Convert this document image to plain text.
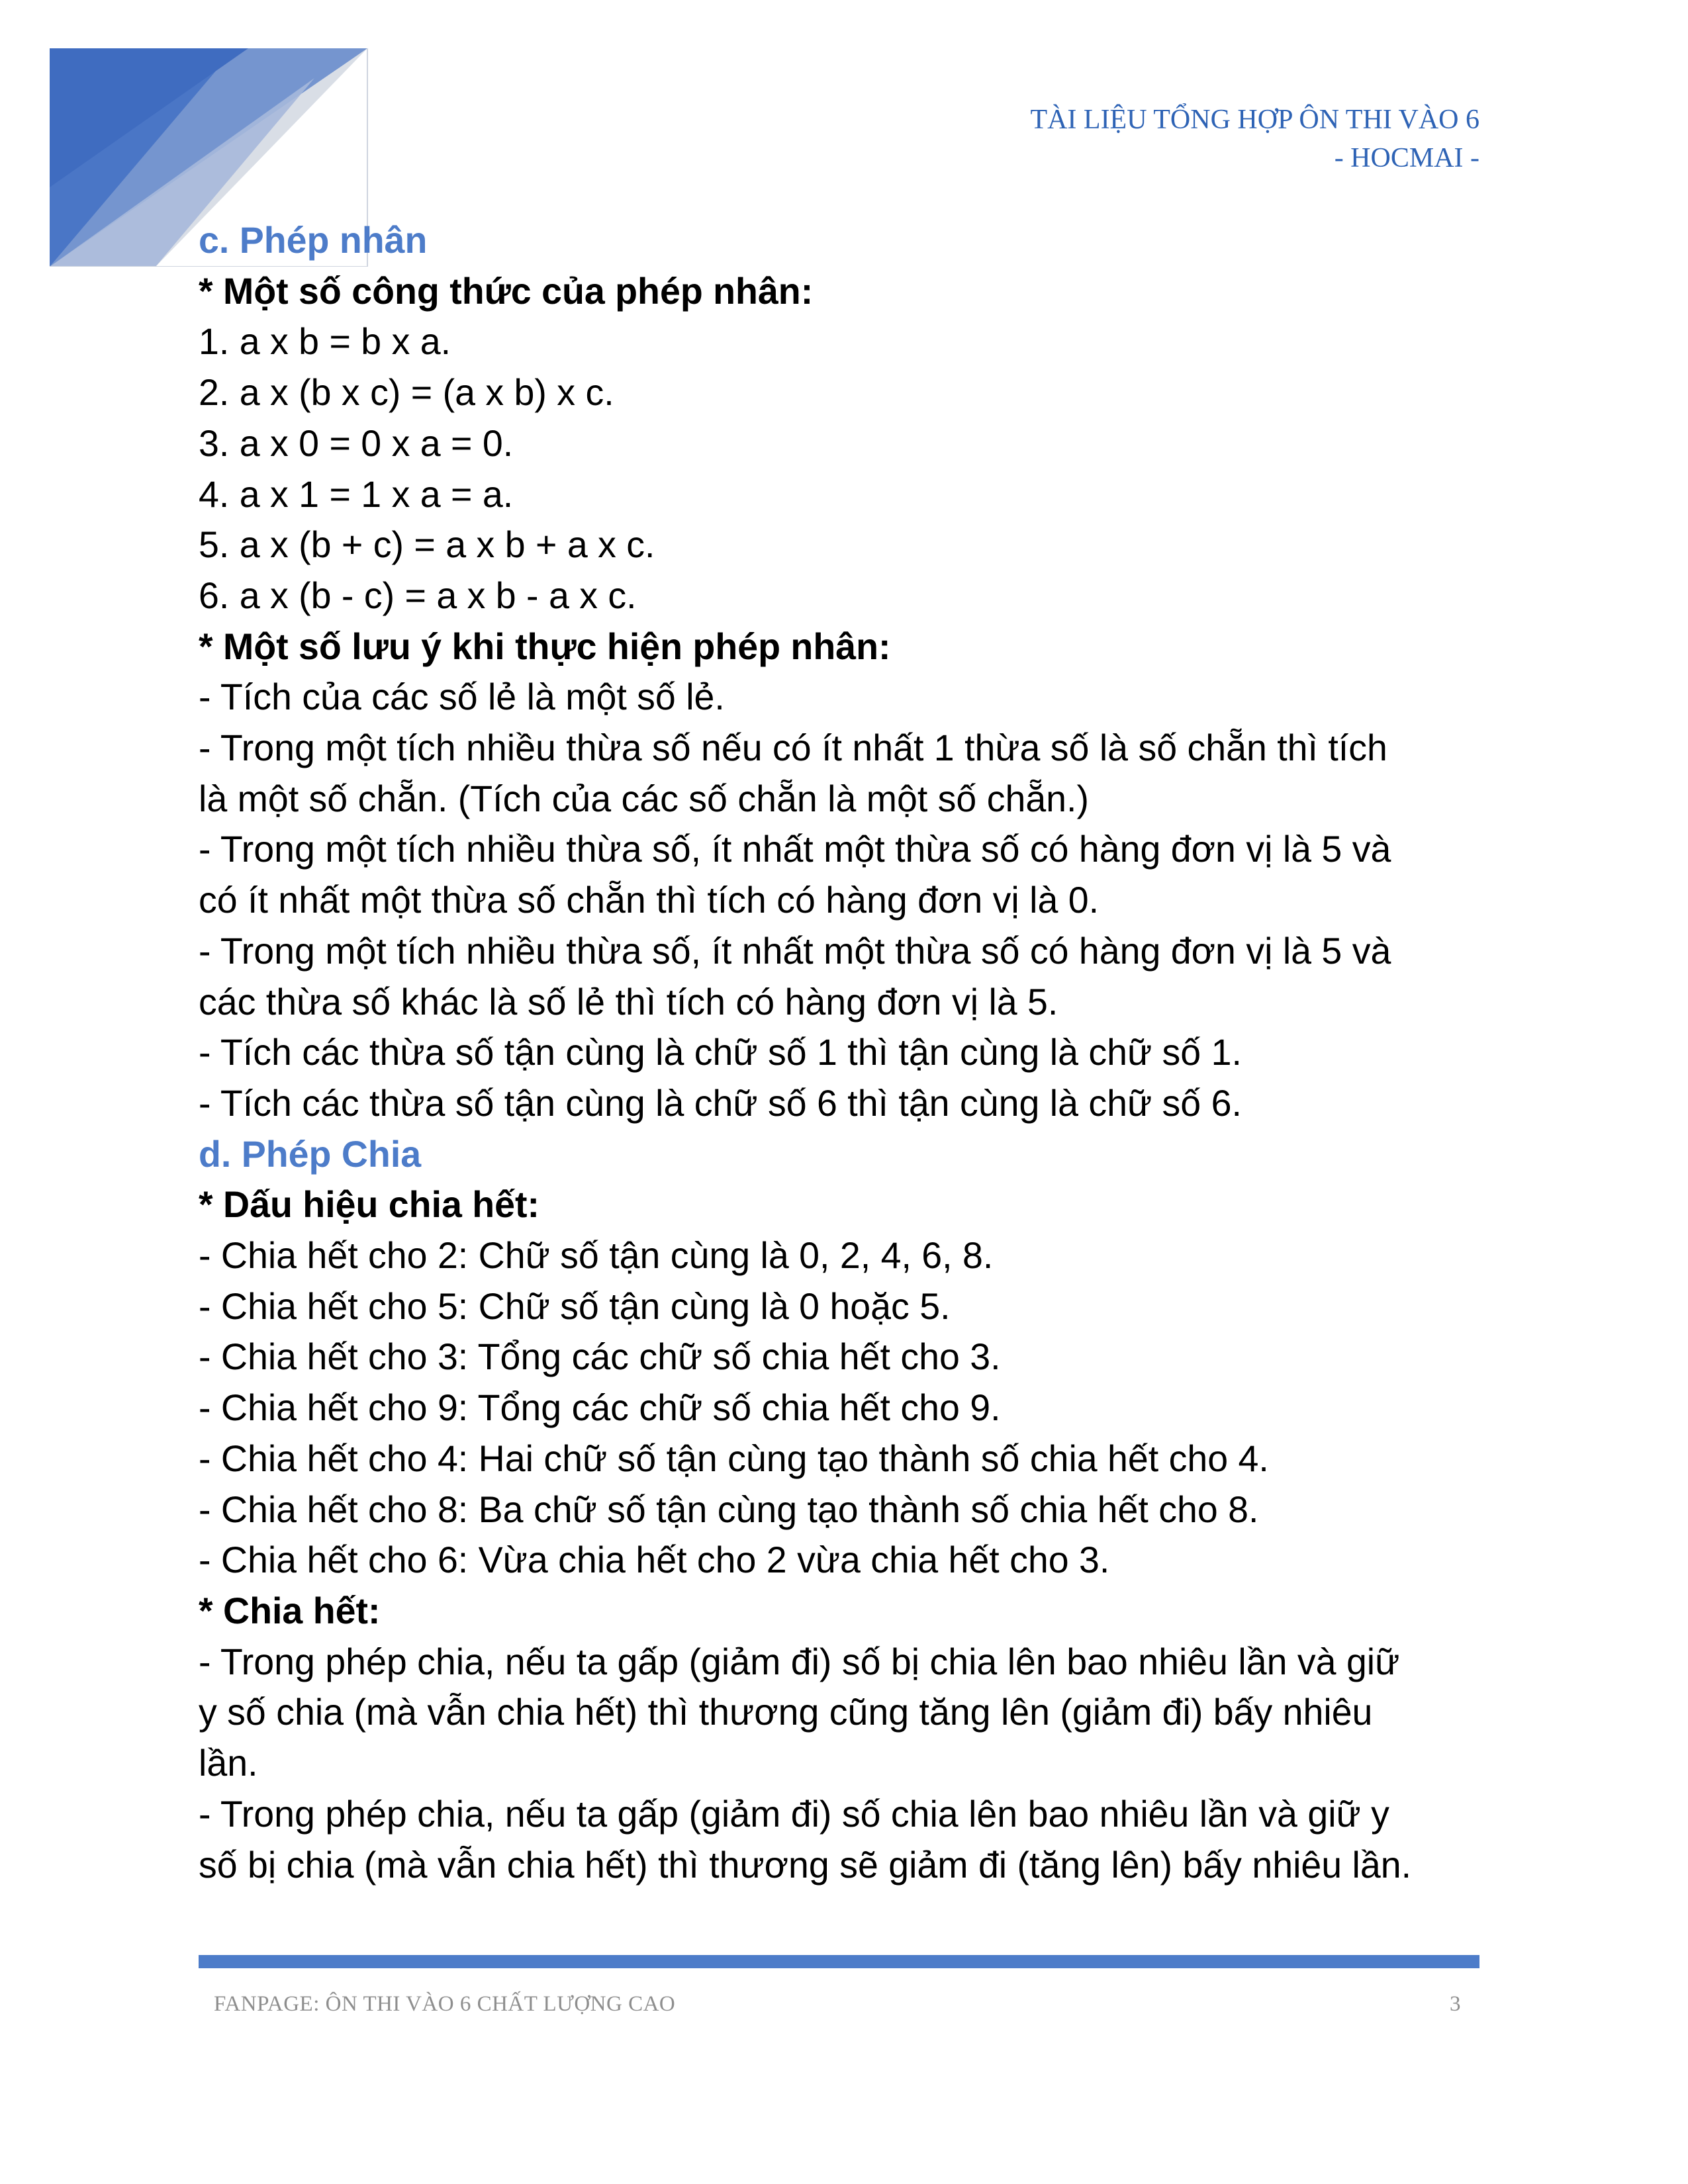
TÀI LIỆU TỔNG HỢP ÔN THI VÀO 6
- HOCMAI -
c. Phép nhân
* Một số công thức của phép nhân:
1. a x b = b x a.
2. a x (b x c) = (a x b) x c.
3. a x 0 = 0 x a = 0.
4. a x 1 = 1 x a = a.
5. a x (b + c) = a x b + a x c.
6. a x (b - c) = a x b - a x c.
* Một số lưu ý khi thực hiện phép nhân:
- Tích của các số lẻ là một số lẻ.
- Trong một tích nhiều thừa số nếu có ít nhất 1 thừa số là số chẵn thì tích
là một số chẵn. (Tích của các số chẵn là một số chẵn.)
- Trong một tích nhiều thừa số, ít nhất một thừa số có hàng đơn vị là 5 và
có ít nhất một thừa số chẵn thì tích có hàng đơn vị là 0.
- Trong một tích nhiều thừa số, ít nhất một thừa số có hàng đơn vị là 5 và
các thừa số khác là số lẻ thì tích có hàng đơn vị là 5.
- Tích các thừa số tận cùng là chữ số 1 thì tận cùng là chữ số 1.
- Tích các thừa số tận cùng là chữ số 6 thì tận cùng là chữ số 6.
d. Phép Chia
* Dấu hiệu chia hết:
- Chia hết cho 2: Chữ số tận cùng là 0, 2, 4, 6, 8.
- Chia hết cho 5: Chữ số tận cùng là 0 hoặc 5.
- Chia hết cho 3: Tổng các chữ số chia hết cho 3.
- Chia hết cho 9: Tổng các chữ số chia hết cho 9.
- Chia hết cho 4: Hai chữ số tận cùng tạo thành số chia hết cho 4.
- Chia hết cho 8: Ba chữ số tận cùng tạo thành số chia hết cho 8.
- Chia hết cho 6: Vừa chia hết cho 2 vừa chia hết cho 3.
* Chia hết:
- Trong phép chia, nếu ta gấp (giảm đi) số bị chia lên bao nhiêu lần và giữ
y số chia (mà vẫn chia hết) thì thương cũng tăng lên (giảm đi) bấy nhiêu
lần.
- Trong phép chia, nếu ta gấp (giảm đi) số chia lên bao nhiêu lần và giữ y
số bị chia (mà vẫn chia hết) thì thương sẽ giảm đi (tăng lên) bấy nhiêu lần.
FANPAGE: ÔN THI VÀO 6 CHẤT LƯỢNG CAO	3
